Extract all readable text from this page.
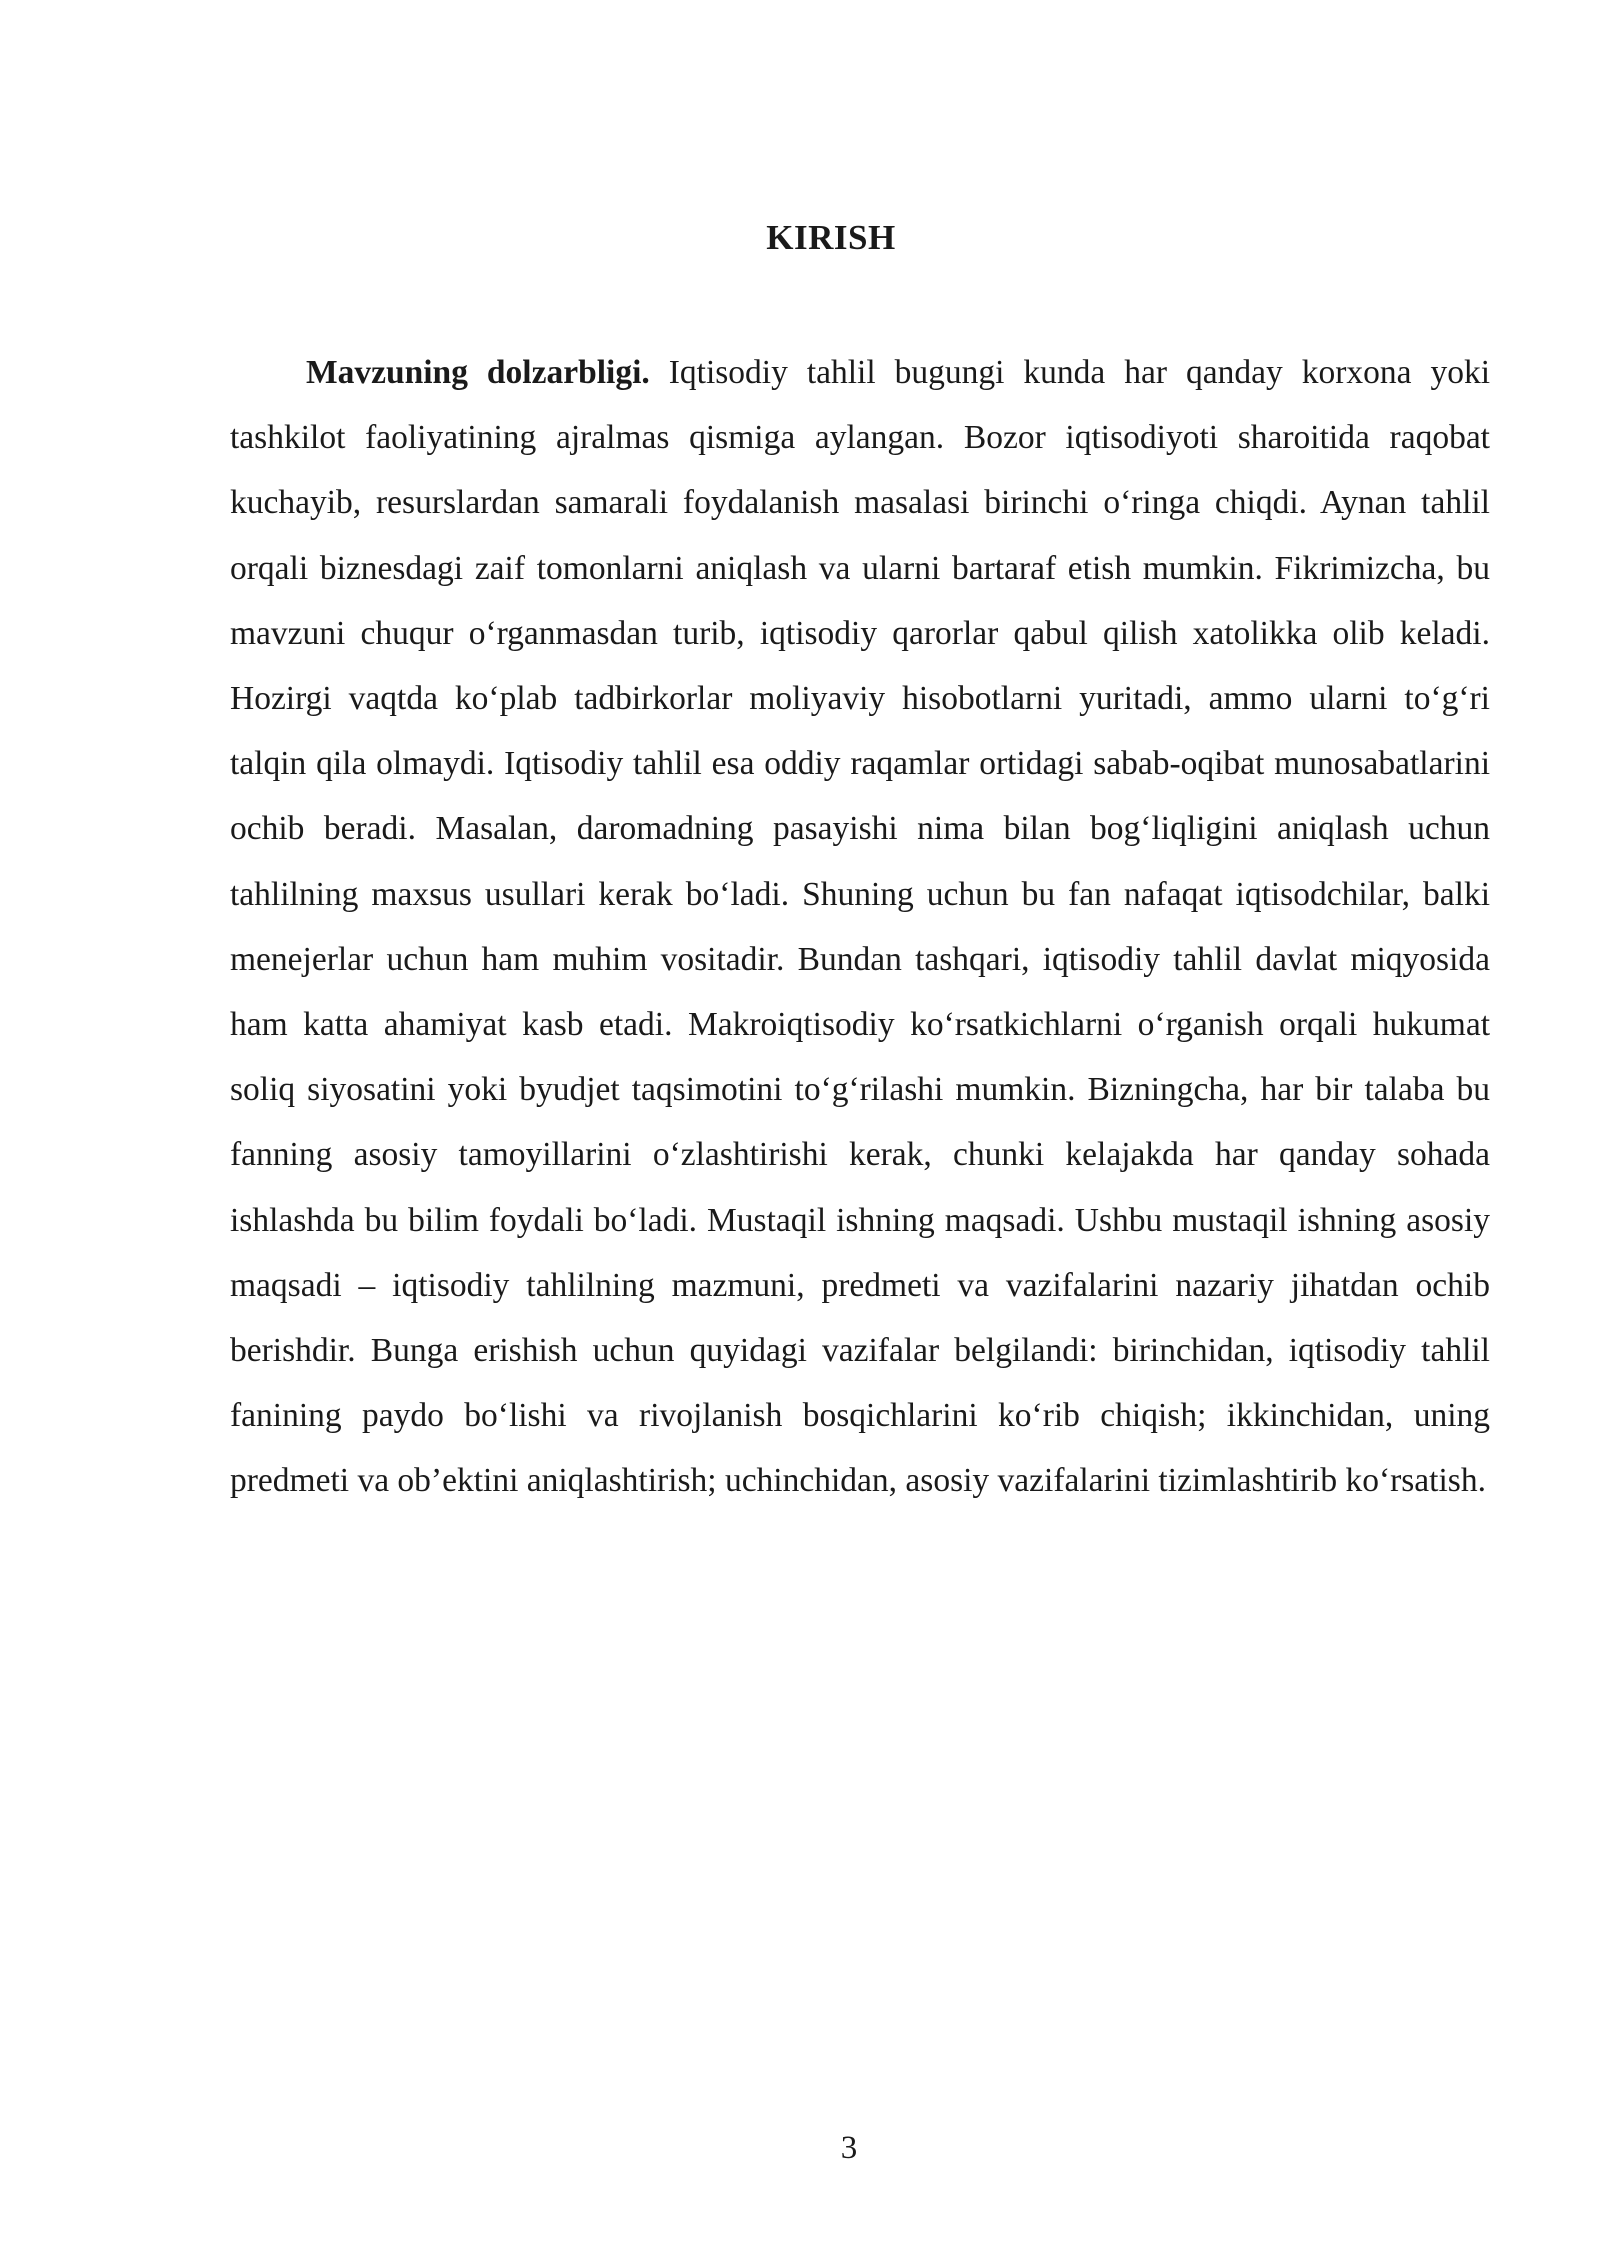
KIRISH

Mavzuning dolzarbligi. Iqtisodiy tahlil bugungi kunda har qanday korxona yoki tashkilot faoliyatining ajralmas qismiga aylangan. Bozor iqtisodiyoti sharoitida raqobat kuchayib, resurslardan samarali foydalanish masalasi birinchi o‘ringa chiqdi. Aynan tahlil orqali biznesdagi zaif tomonlarni aniqlash va ularni bartaraf etish mumkin. Fikrimizcha, bu mavzuni chuqur o‘rganmasdan turib, iqtisodiy qarorlar qabul qilish xatolikka olib keladi. Hozirgi vaqtda ko‘plab tadbirkorlar moliyaviy hisobotlarni yuritadi, ammo ularni to‘g‘ri talqin qila olmaydi. Iqtisodiy tahlil esa oddiy raqamlar ortidagi sabab-oqibat munosabatlarini ochib beradi. Masalan, daromadning pasayishi nima bilan bog‘liqligini aniqlash uchun tahlilning maxsus usullari kerak bo‘ladi. Shuning uchun bu fan nafaqat iqtisodchilar, balki menejerlar uchun ham muhim vositadir. Bundan tashqari, iqtisodiy tahlil davlat miqyosida ham katta ahamiyat kasb etadi. Makroiqtisodiy ko‘rsatkichlarni o‘rganish orqali hukumat soliq siyosatini yoki byudjet taqsimotini to‘g‘rilashi mumkin. Bizningcha, har bir talaba bu fanning asosiy tamoyillarini o‘zlashtirishi kerak, chunki kelajakda har qanday sohada ishlashda bu bilim foydali bo‘ladi. Mustaqil ishning maqsadi. Ushbu mustaqil ishning asosiy maqsadi – iqtisodiy tahlilning mazmuni, predmeti va vazifalarini nazariy jihatdan ochib berishdir. Bunga erishish uchun quyidagi vazifalar belgilandi: birinchidan, iqtisodiy tahlil fanining paydo bo‘lishi va rivojlanish bosqichlarini ko‘rib chiqish; ikkinchidan, uning predmeti va ob’ektini aniqlashtirish; uchinchidan, asosiy vazifalarini tizimlashtirib ko‘rsatish.

3
